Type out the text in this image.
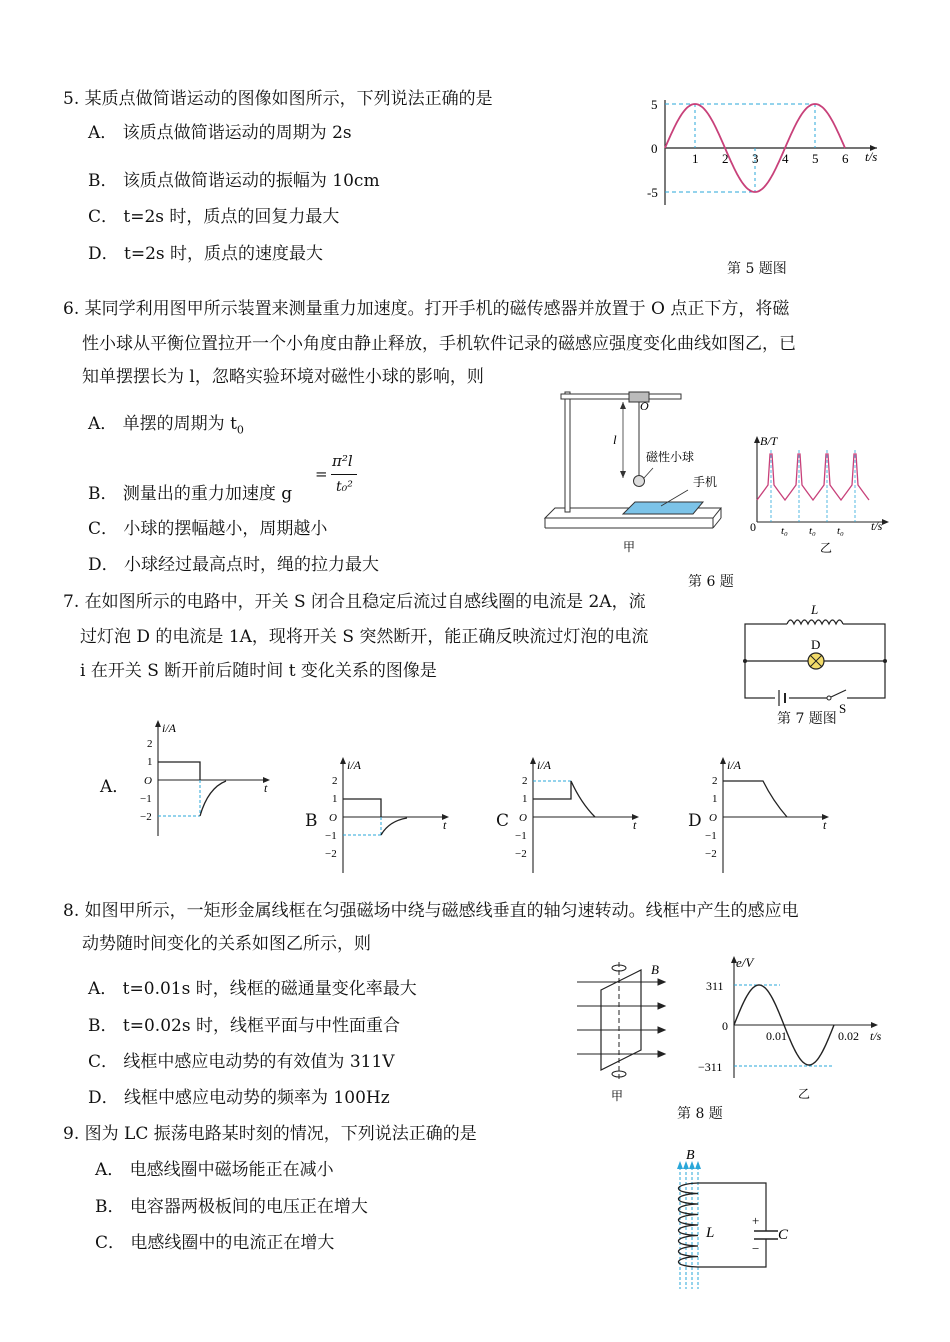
5. 某质点做简谐运动的图像如图所示，下列说法正确的是
A． 该质点做简谐运动的周期为 2s
B． 该质点做简谐运动的振幅为 10cm
C． t=2s 时，质点的回复力最大
D． t=2s 时，质点的速度最大
5
0
-5
1 2 3 4 5 6 t/s
第 5 题图
6. 某同学利用图甲所示装置来测量重力加速度。打开手机的磁传感器并放置于 O 点正下方，将磁
性小球从平衡位置拉开一个小角度由静止释放，手机软件记录的磁感应强度变化曲线如图乙，已
知单摆摆长为 l，忽略实验环境对磁性小球的影响，则
A． 单摆的周期为 $t_0$
B． 测量出的重力加速度 g
=
π²l
t₀²
C． 小球的摆幅越小，周期越小
D． 小球经过最高点时，绳的拉力最大
O
l
磁性小球
手机
甲
B/T
0 t₀ t₀ t₀ t/s
乙
第 6 题
7. 在如图所示的电路中，开关 S 闭合且稳定后流过自感线圈的电流是 2A，流
过灯泡 D 的电流是 1A，现将开关 S 突然断开，能正确反映流过灯泡的电流
i 在开关 S 断开前后随时间 t 变化关系的图像是
L
D
S
第 7 题图
A．
i/A
t
2
1
O
−1
−2	B
i/A
t
2
1
O
−1
−2
C
i/A
t
2
1
O
−1
−2
D
i/A
t
2
1
O
−1
−2
8. 如图甲所示，一矩形金属线框在匀强磁场中绕与磁感线垂直的轴匀速转动。线框中产生的感应电
动势随时间变化的关系如图乙所示，则
A． t=0.01s 时，线框的磁通量变化率最大
B． t=0.02s 时，线框平面与中性面重合
C． 线框中感应电动势的有效值为 311V
D． 线框中感应电动势的频率为 100Hz
B
甲
e/V
311
0
−311
0.01	0.02 t/s
乙
第 8 题
9. 图为 LC 振荡电路某时刻的情况，下列说法正确的是
A． 电感线圈中磁场能正在减小
B． 电容器两极板间的电压正在增大
C． 电感线圈中的电流正在增大
B
L	C
+
−
